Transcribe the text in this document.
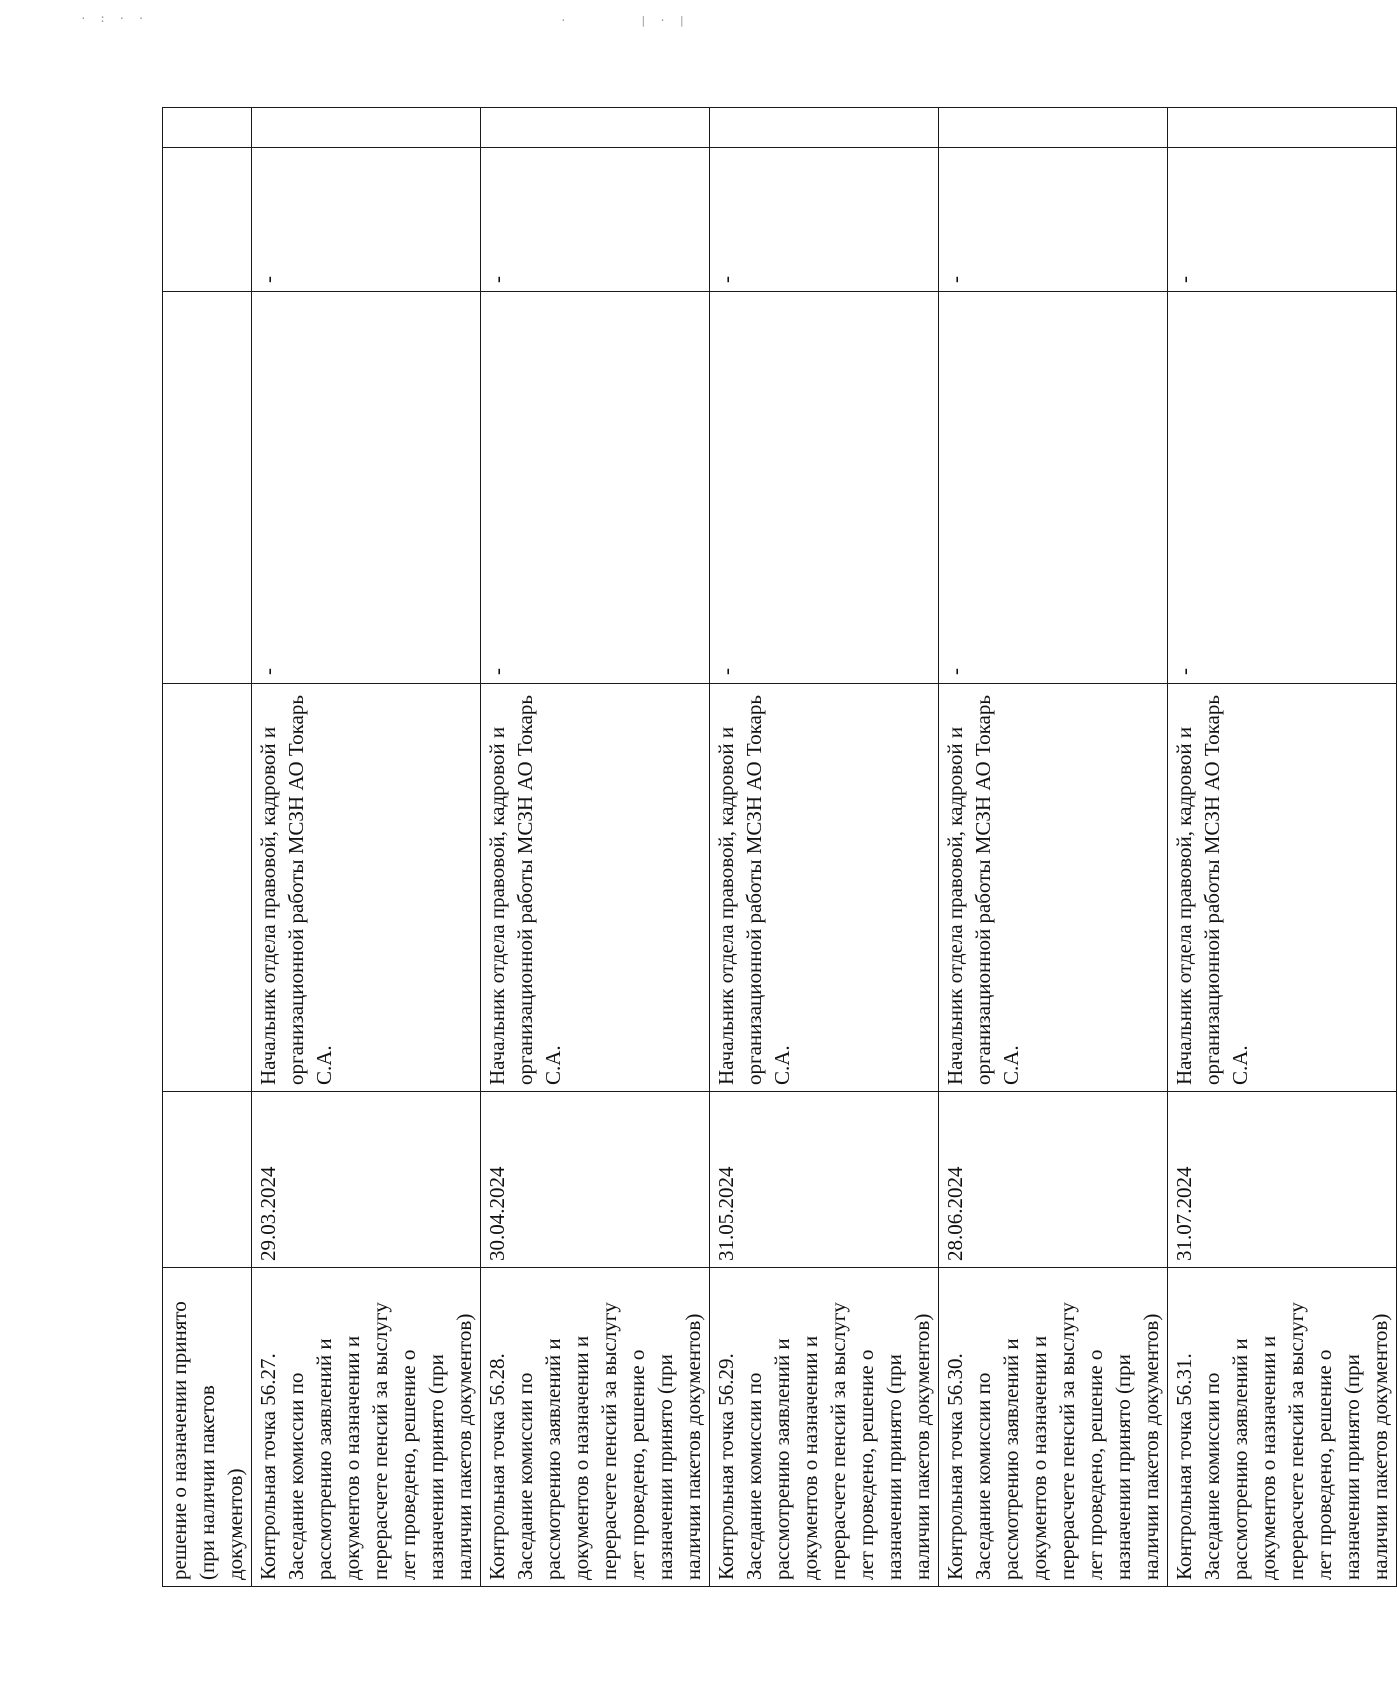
· : · ·	·	| · |
решение о назначении принято (при наличии пакетов документов)					
Контрольная точка 56.27. Заседание комиссии по рассмотрению заявлений и документов о назначении и перерасчете пенсий за выслугу лет проведено, решение о назначении принято (при наличии пакетов документов)	29.03.2024	Начальник отдела правовой, кадровой и организационной работы МСЗН АО Токарь С.А.	-	-	
Контрольная точка 56.28. Заседание комиссии по рассмотрению заявлений и документов о назначении и перерасчете пенсий за выслугу лет проведено, решение о назначении принято (при наличии пакетов документов)	30.04.2024	Начальник отдела правовой, кадровой и организационной работы МСЗН АО Токарь С.А.	-	-	
Контрольная точка 56.29. Заседание комиссии по рассмотрению заявлений и документов о назначении и перерасчете пенсий за выслугу лет проведено, решение о назначении принято (при наличии пакетов документов)	31.05.2024	Начальник отдела правовой, кадровой и организационной работы МСЗН АО Токарь С.А.	-	-	
Контрольная точка 56.30. Заседание комиссии по рассмотрению заявлений и документов о назначении и перерасчете пенсий за выслугу лет проведено, решение о назначении принято (при наличии пакетов документов)	28.06.2024	Начальник отдела правовой, кадровой и организационной работы МСЗН АО Токарь С.А.	-	-	
Контрольная точка 56.31. Заседание комиссии по рассмотрению заявлений и документов о назначении и перерасчете пенсий за выслугу лет проведено, решение о назначении принято (при наличии пакетов документов)	31.07.2024	Начальник отдела правовой, кадровой и организационной работы МСЗН АО Токарь С.А.	-	-	
